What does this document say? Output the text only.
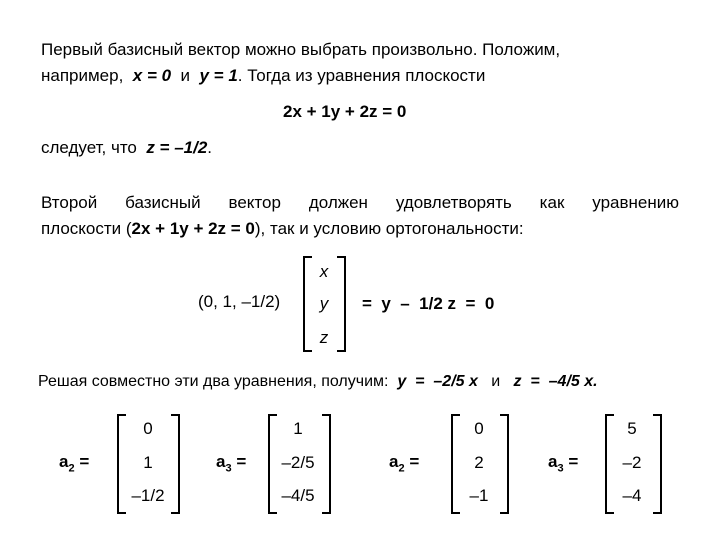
Первый базисный вектор можно выбрать произвольно. Положим,
например, x = 0 и y = 1. Тогда из уравнения плоскости
2x + 1y + 2z = 0
следует, что z = –1/2.
Второй базисный вектор должен удовлетворять как уравнению
плоскости (2x + 1y + 2z = 0), так и условию ортогональности:
(0, 1, –1/2)
x
y
z
=  y  –  1/2 z  =  0
Решая совместно эти два уравнения, получим: y  =  –2/5 x и z  =  –4/5 x.
$a_2$ =
0
1
–1/2
$a_3$ =
1
–2/5
–4/5
$a_2$ =
0
2
–1
$a_3$ =
5
–2
–4
